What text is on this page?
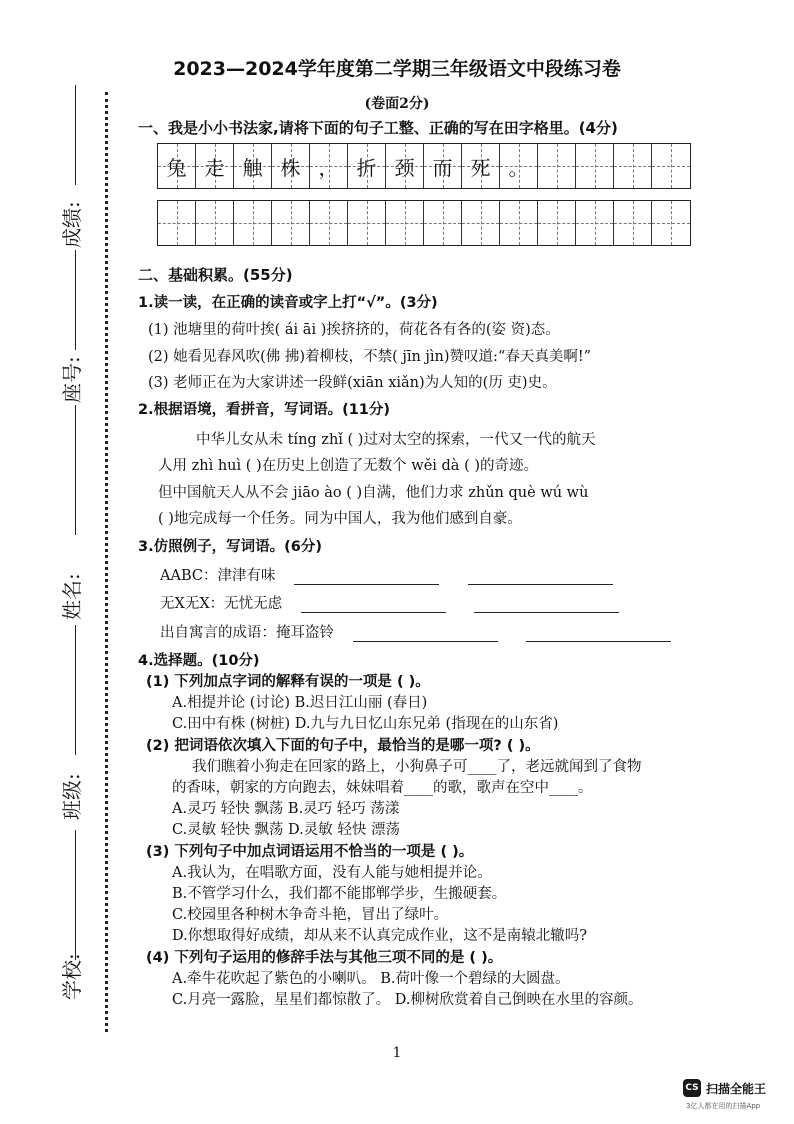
成绩:
座号:
姓名:
班级:
学校:
2023—2024学年度第二学期三年级语文中段练习卷
(卷面2分)
一、我是小小书法家,请将下面的句子工整、正确的写在田字格里。(4分)
兔 走 触 株 ， 折 颈 而 死 。
二、基础积累。(55分)
1.读一读，在正确的读音或字上打“√”。(3分)
(1) 池塘里的荷叶挨( ái āi )挨挤挤的，荷花各有各的(姿 资)态。
(2) 她看见春风吹(佛 拂)着柳枝，不禁( jīn jìn)赞叹道:“春天真美啊!”
(3) 老师正在为大家讲述一段鲜(xiān xiǎn)为人知的(历 吏)史。
2.根据语境，看拼音，写词语。(11分)
中华儿女从未 tíng zhǐ ( )过对太空的探索，一代又一代的航天
人用 zhì huì ( )在历史上创造了无数个 wěi dà ( )的奇迹。
但中国航天人从不会 jiāo ào ( )自满，他们力求 zhǔn què wú wù
( )地完成每一个任务。同为中国人，我为他们感到自豪。
3.仿照例子，写词语。(6分)
AABC：津津有味
无X无X：无忧无虑
出自寓言的成语：掩耳盗铃
4.选择题。(10分)
(1) 下列加点字词的解释有误的一项是 ( )。
A.相提并论 (讨论) B.迟日江山丽 (春日)
C.田中有株 (树桩) D.九与九日忆山东兄弟 (指现在的山东省)
(2) 把词语依次填入下面的句子中，最恰当的是哪一项? ( )。
我们瞧着小狗走在回家的路上，小狗鼻子可____了，老远就闻到了食物
的香味，朝家的方向跑去，妹妹唱着____的歌，歌声在空中____。
A.灵巧 轻快 飘荡 B.灵巧 轻巧 荡漾
C.灵敏 轻快 飘荡 D.灵敏 轻快 漂荡
(3) 下列句子中加点词语运用不恰当的一项是 ( )。
A.我认为，在唱歌方面，没有人能与她相提并论。
B.不管学习什么，我们都不能邯郸学步，生搬硬套。
C.校园里各种树木争奇斗艳，冒出了绿叶。
D.你想取得好成绩，却从来不认真完成作业，这不是南辕北辙吗?
(4) 下列句子运用的修辞手法与其他三项不同的是 ( )。
A.牵牛花吹起了紫色的小喇叭。 B.荷叶像一个碧绿的大圆盘。
C.月亮一露脸，星星们都惊散了。 D.柳树欣赏着自己倒映在水里的容颜。
1
CS 扫描全能王
3亿人都在用的扫描App
